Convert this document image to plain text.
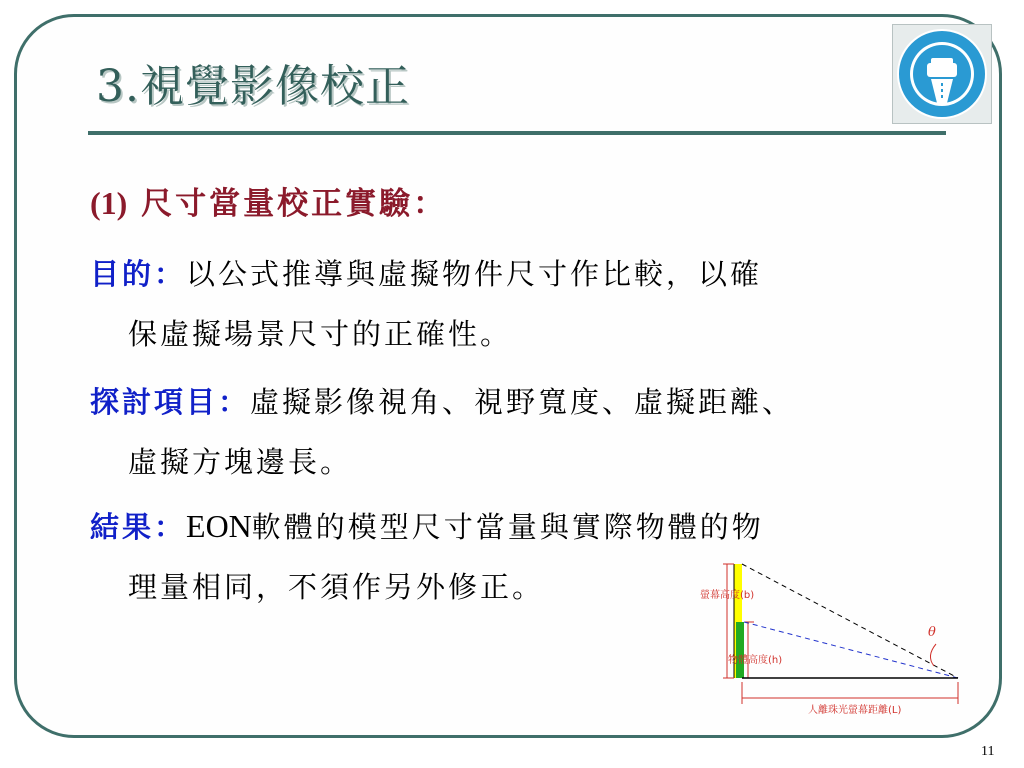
3.視覺影像校正
(1) 尺寸當量校正實驗：
目的：以公式推導與虛擬物件尺寸作比較，以確
保虛擬場景尺寸的正確性。
探討項目：虛擬影像視角、視野寬度、虛擬距離、
虛擬方塊邊長。
結果：EON軟體的模型尺寸當量與實際物體的物
理量相同，不須作另外修正。	螢幕高度(b)
物體高度(h)
人離珠光螢幕距離(L)
θ
11
